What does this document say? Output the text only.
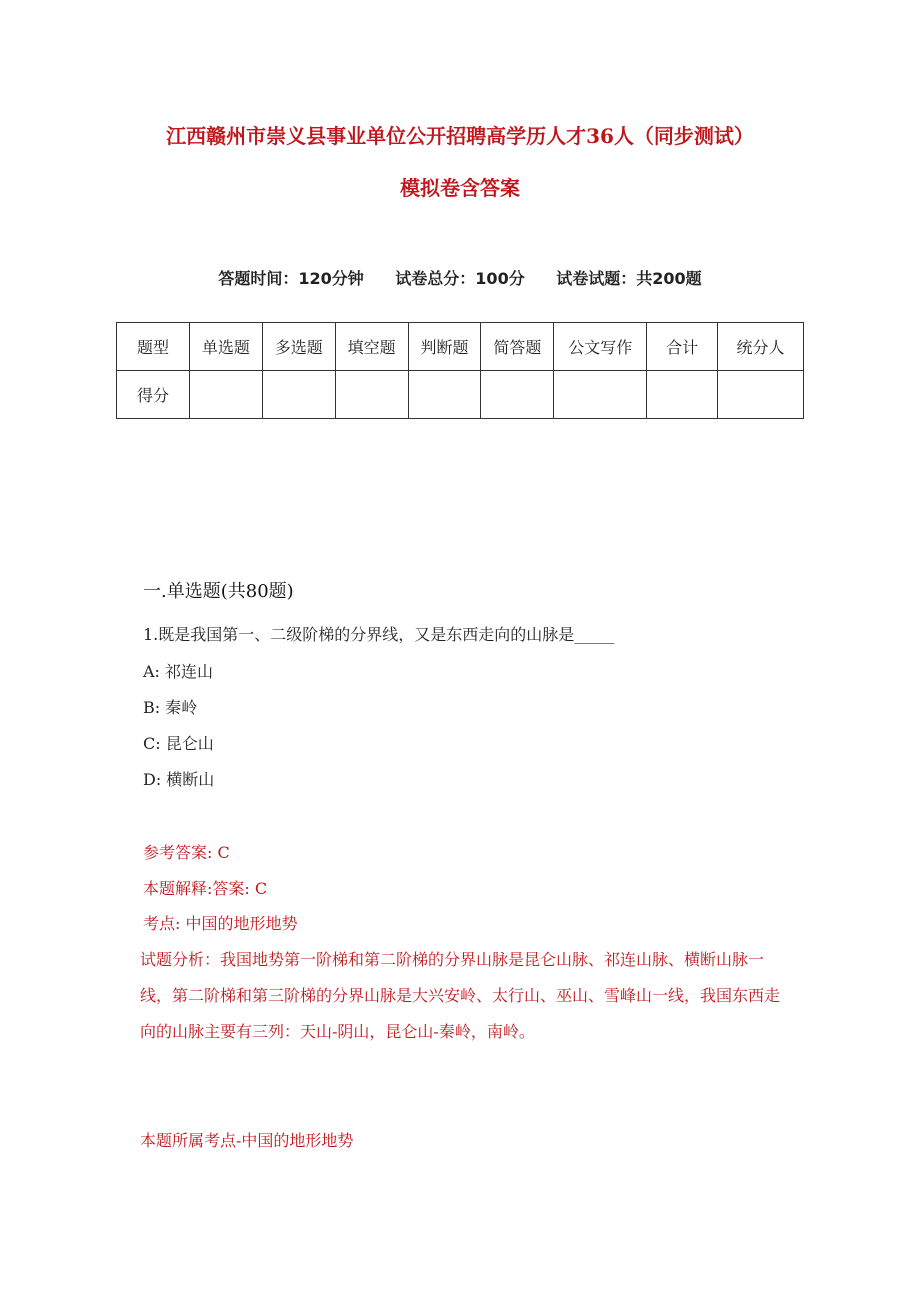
江西赣州市崇义县事业单位公开招聘高学历人才36人（同步测试）
模拟卷含答案
答题时间：120分钟 试卷总分：100分 试卷试题：共200题
题型	单选题	多选题	填空题	判断题	简答题	公文写作	合计	统分人
得分								
一.单选题(共80题)
1.既是我国第一、二级阶梯的分界线，又是东西走向的山脉是_____
A: 祁连山
B: 秦岭
C: 昆仑山
D: 横断山
参考答案: C
本题解释:答案: C
考点: 中国的地形地势
试题分析：我国地势第一阶梯和第二阶梯的分界山脉是昆仑山脉、祁连山脉、横断山脉一线，第二阶梯和第三阶梯的分界山脉是大兴安岭、太行山、巫山、雪峰山一线，我国东西走向的山脉主要有三列：天山-阴山，昆仑山-秦岭，南岭。
本题所属考点-中国的地形地势
